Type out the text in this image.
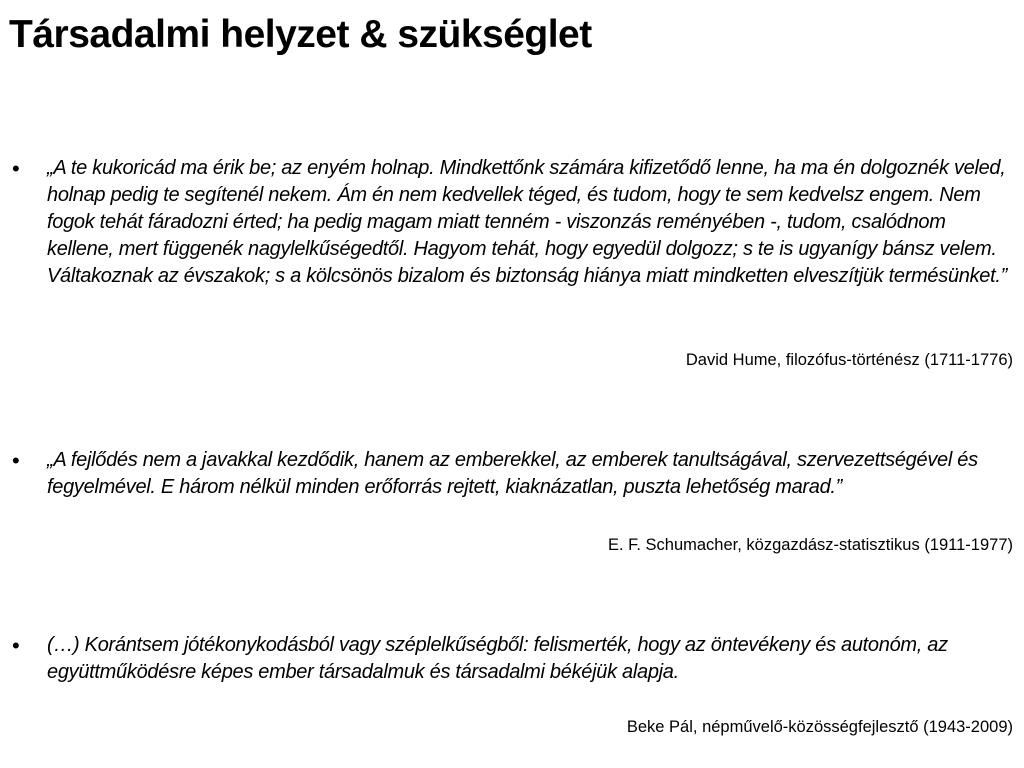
Társadalmi helyzet & szükséglet
• „A te kukoricád ma érik be; az enyém holnap. Mindkettőnk számára kifizetődő lenne, ha ma én dolgoznék veled, holnap pedig te segítenél nekem. Ám én nem kedvellek téged, és tudom, hogy te sem kedvelsz engem. Nem fogok tehát fáradozni érted; ha pedig magam miatt tenném - viszonzás reményében -, tudom, csalódnom kellene, mert függenék nagylelkűségedtől. Hagyom tehát, hogy egyedül dolgozz; s te is ugyanígy bánsz velem. Váltakoznak az évszakok; s a kölcsönös bizalom és biztonság hiánya miatt mindketten elveszítjük termésünket.”
David Hume, filozófus-történész (1711-1776)
• „A fejlődés nem a javakkal kezdődik, hanem az emberekkel, az emberek tanultságával, szervezettségével és fegyelmével. E három nélkül minden erőforrás rejtett, kiaknázatlan, puszta lehetőség marad.”
E. F. Schumacher, közgazdász-statisztikus (1911-1977)
• (…) Korántsem jótékonykodásból vagy széplelkűségből: felismerték, hogy az öntevékeny és autonóm, az együttműködésre képes ember társadalmuk és társadalmi békéjük alapja.
Beke Pál, népművelő-közösségfejlesztő (1943-2009)
